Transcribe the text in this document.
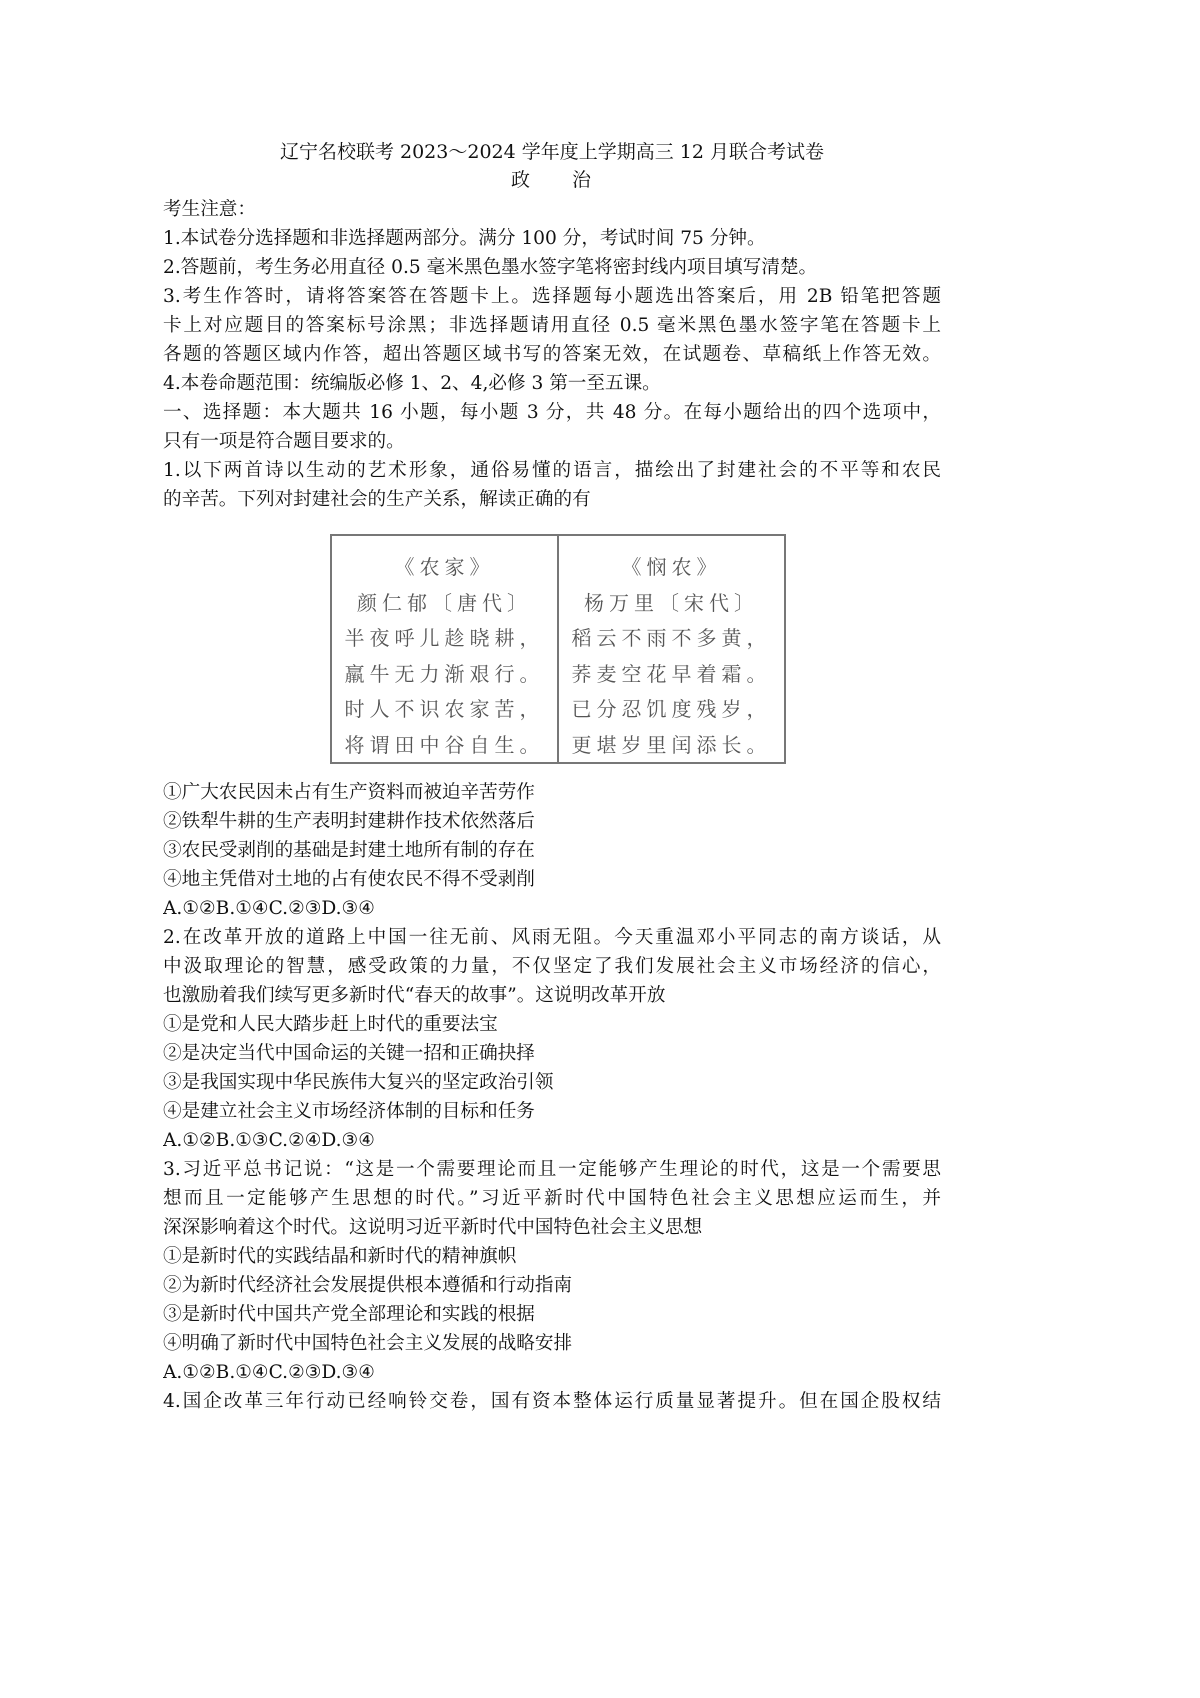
辽宁名校联考 2023～2024 学年度上学期高三 12 月联合考试卷
政 治
考生注意：
1.本试卷分选择题和非选择题两部分。满分 100 分，考试时间 75 分钟。
2.答题前，考生务必用直径 0.5 毫米黑色墨水签字笔将密封线内项目填写清楚。
3.考生作答时，请将答案答在答题卡上。选择题每小题选出答案后，用 2B 铅笔把答题
卡上对应题目的答案标号涂黑；非选择题请用直径 0.5 毫米黑色墨水签字笔在答题卡上
各题的答题区域内作答，超出答题区域书写的答案无效，在试题卷、草稿纸上作答无效。
4.本卷命题范围：统编版必修 1、2、4,必修 3 第一至五课。
一、选择题：本大题共 16 小题，每小题 3 分，共 48 分。在每小题给出的四个选项中，
只有一项是符合题目要求的。
1.以下两首诗以生动的艺术形象，通俗易懂的语言，描绘出了封建社会的不平等和农民
的辛苦。下列对封建社会的生产关系，解读正确的有
《农家》
颜仁郁〔唐代〕
半夜呼儿趁晓耕，
羸牛无力渐艰行。
时人不识农家苦，
将谓田中谷自生。
《悯农》
杨万里〔宋代〕
稻云不雨不多黄，
荞麦空花早着霜。
已分忍饥度残岁，
更堪岁里闰添长。
①广大农民因未占有生产资料而被迫辛苦劳作
②铁犁牛耕的生产表明封建耕作技术依然落后
③农民受剥削的基础是封建土地所有制的存在
④地主凭借对土地的占有使农民不得不受剥削
A.①②B.①④C.②③D.③④
2.在改革开放的道路上中国一往无前、风雨无阻。今天重温邓小平同志的南方谈话，从
中汲取理论的智慧，感受政策的力量，不仅坚定了我们发展社会主义市场经济的信心，
也激励着我们续写更多新时代“春天的故事”。这说明改革开放
①是党和人民大踏步赶上时代的重要法宝
②是决定当代中国命运的关键一招和正确抉择
③是我国实现中华民族伟大复兴的坚定政治引领
④是建立社会主义市场经济体制的目标和任务
A.①②B.①③C.②④D.③④
3.习近平总书记说：“这是一个需要理论而且一定能够产生理论的时代，这是一个需要思
想而且一定能够产生思想的时代。”习近平新时代中国特色社会主义思想应运而生，并
深深影响着这个时代。这说明习近平新时代中国特色社会主义思想
①是新时代的实践结晶和新时代的精神旗帜
②为新时代经济社会发展提供根本遵循和行动指南
③是新时代中国共产党全部理论和实践的根据
④明确了新时代中国特色社会主义发展的战略安排
A.①②B.①④C.②③D.③④
4.国企改革三年行动已经响铃交卷，国有资本整体运行质量显著提升。但在国企股权结
